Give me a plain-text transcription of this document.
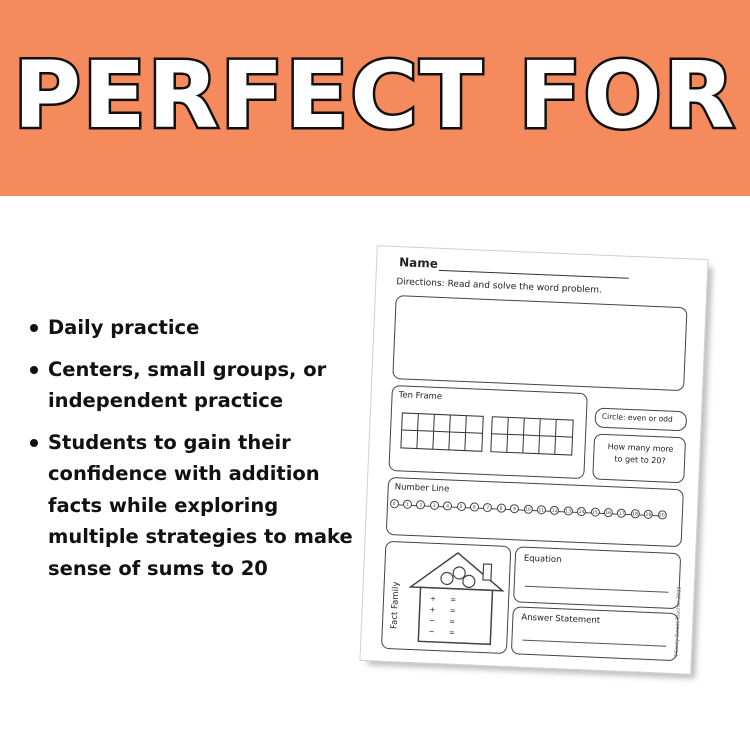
PERFECT FOR
Daily practice
Centers, small groups, or independent practice
Students to gain their confidence with addition facts while exploring multiple strategies to make sense of sums to 20
Name
Directions: Read and solve the word problem.
Ten Frame
Circle: even or odd
How many more to get to 20?
Number Line
0	1	2	3	4	5	6	7	8	9	10	11	12	13	14	15	16	17	18	19	20
Fact Family	+ =
+ =
− =
− =
Equation
Answer Statement	©Sassy Sweet Teacher 2023
